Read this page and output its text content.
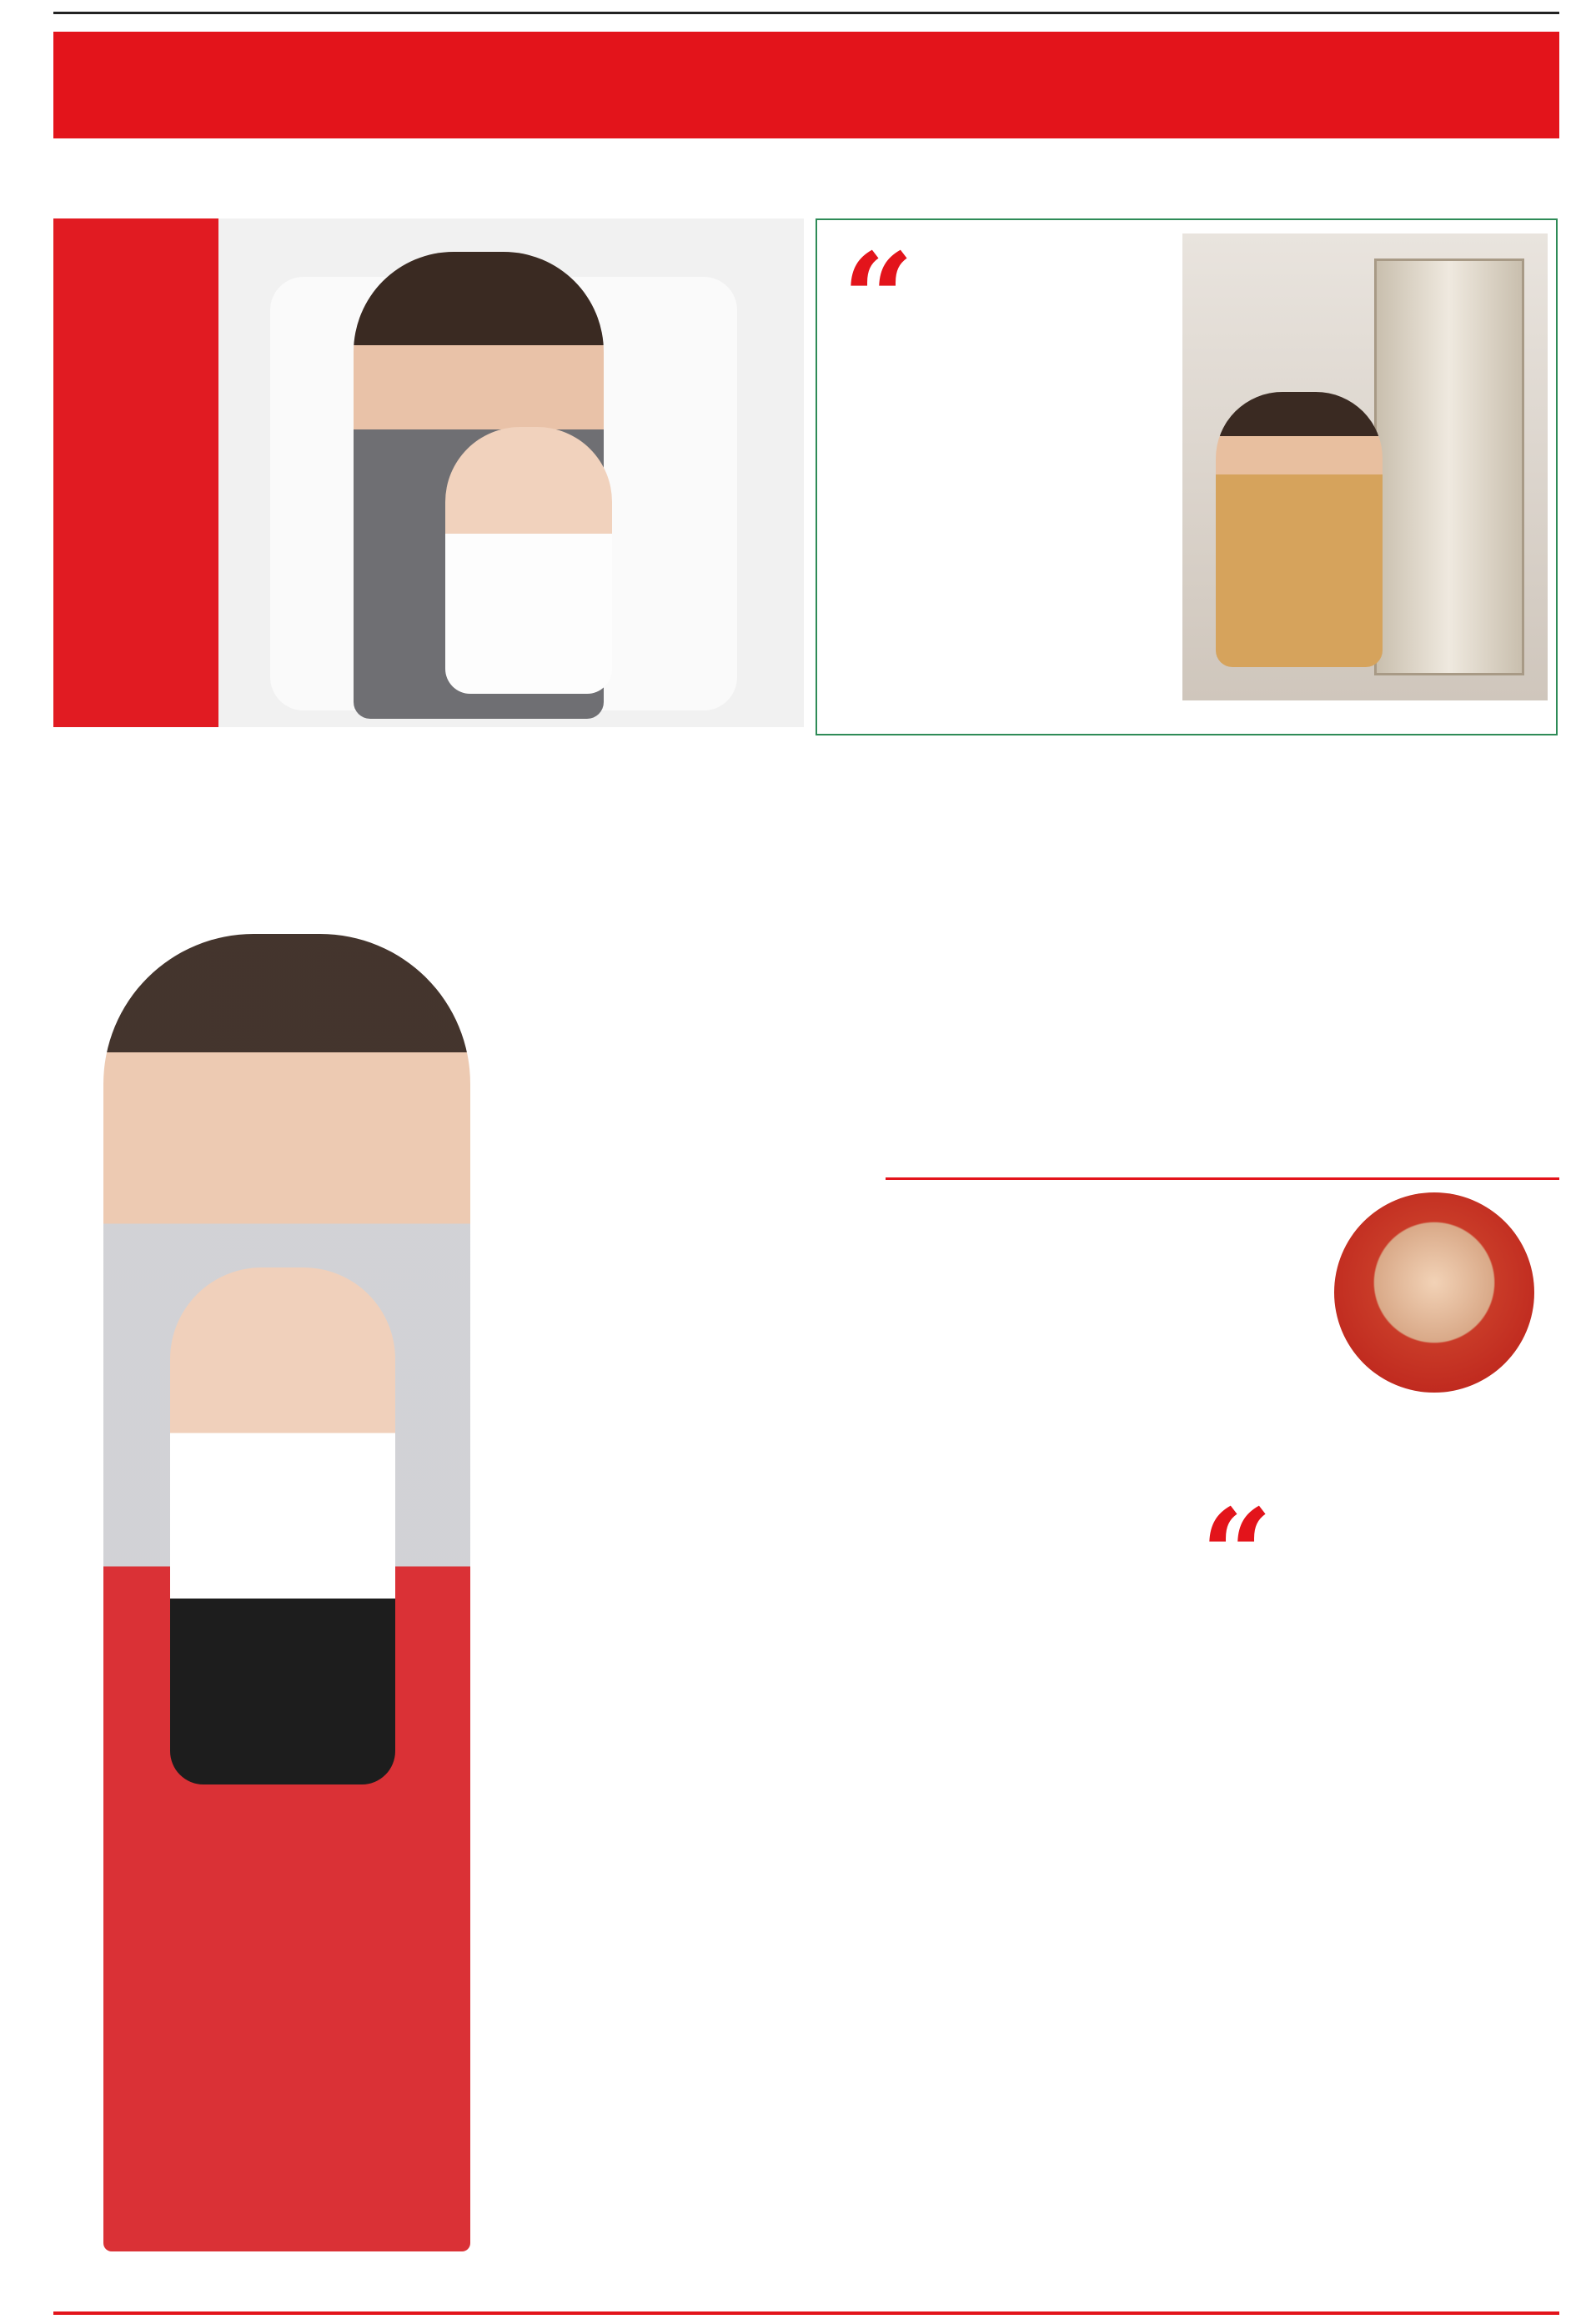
“
“
